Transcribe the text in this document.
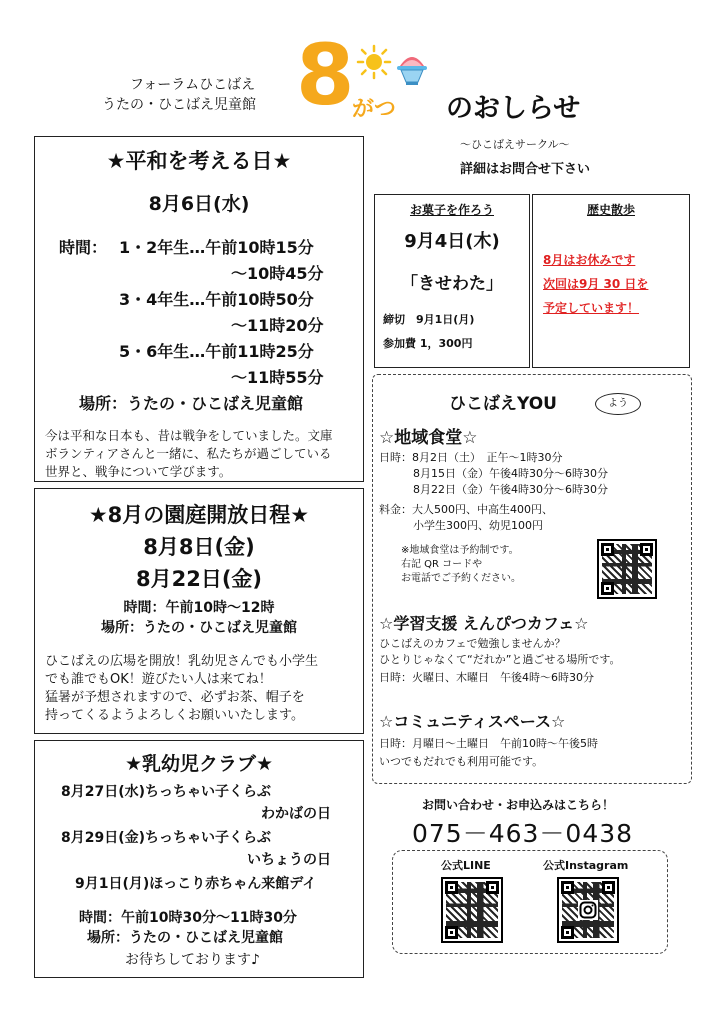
フォーラムひこばえ
うたの・ひこばえ児童館 8
がつ のおしらせ
～ひこばえサークル～
詳細はお問合せ下さい
★平和を考える日★
8月6日(水)
時間： 1・2年生…午前10時15分
～10時45分
3・4年生…午前10時50分
～11時20分
5・6年生…午前11時25分
～11時55分
場所：うたの・ひこばえ児童館
今は平和な日本も、昔は戦争をしていました。文庫
ボランティアさんと一緒に、私たちが過ごしている
世界と、戦争について学びます。
★8月の園庭開放日程★
8月8日(金)
8月22日(金)
時間：午前10時～12時
場所：うたの・ひこばえ児童館
ひこばえの広場を開放！乳幼児さんでも小学生
でも誰でもOK！遊びたい人は来てね！
猛暑が予想されますので、必ずお茶、帽子を
持ってくるようよろしくお願いいたします。
★乳幼児クラブ★
8月27日(水)ちっちゃい子くらぶ
わかばの日
8月29日(金)ちっちゃい子くらぶ
いちょうの日
9月1日(月)ほっこり赤ちゃん来館デイ
時間：午前10時30分～11時30分
場所：うたの・ひこばえ児童館
お待ちしております♪
お菓子を作ろう
9月4日(木)
「きせわた」
締切　9月1日(月)
参加費 1，300円
歴史散歩
8月はお休みです
次回は9月 30 日を
予定しています！
ひこばえYOU	よう
☆地域食堂☆
日時：8月2日（土）　正午～1時30分
8月15日（金）午後4時30分～6時30分
8月22日（金）午後4時30分～6時30分
料金：大人500円、中高生400円、
小学生300円、幼児100円
※地域食堂は予約制です。
右記 QR コードや
お電話でご予約ください。
☆学習支援 えんぴつカフェ☆
ひこばえのカフェで勉強しませんか？
ひとりじゃなくて“だれか”と過ごせる場所です。
日時：火曜日、木曜日　午後4時～6時30分
☆コミュニティスペース☆
日時：月曜日～土曜日　午前10時～午後5時
いつでもだれでも利用可能です。
お問い合わせ・お申込みはこちら！
075－463－0438
公式LINE	公式Instagram
